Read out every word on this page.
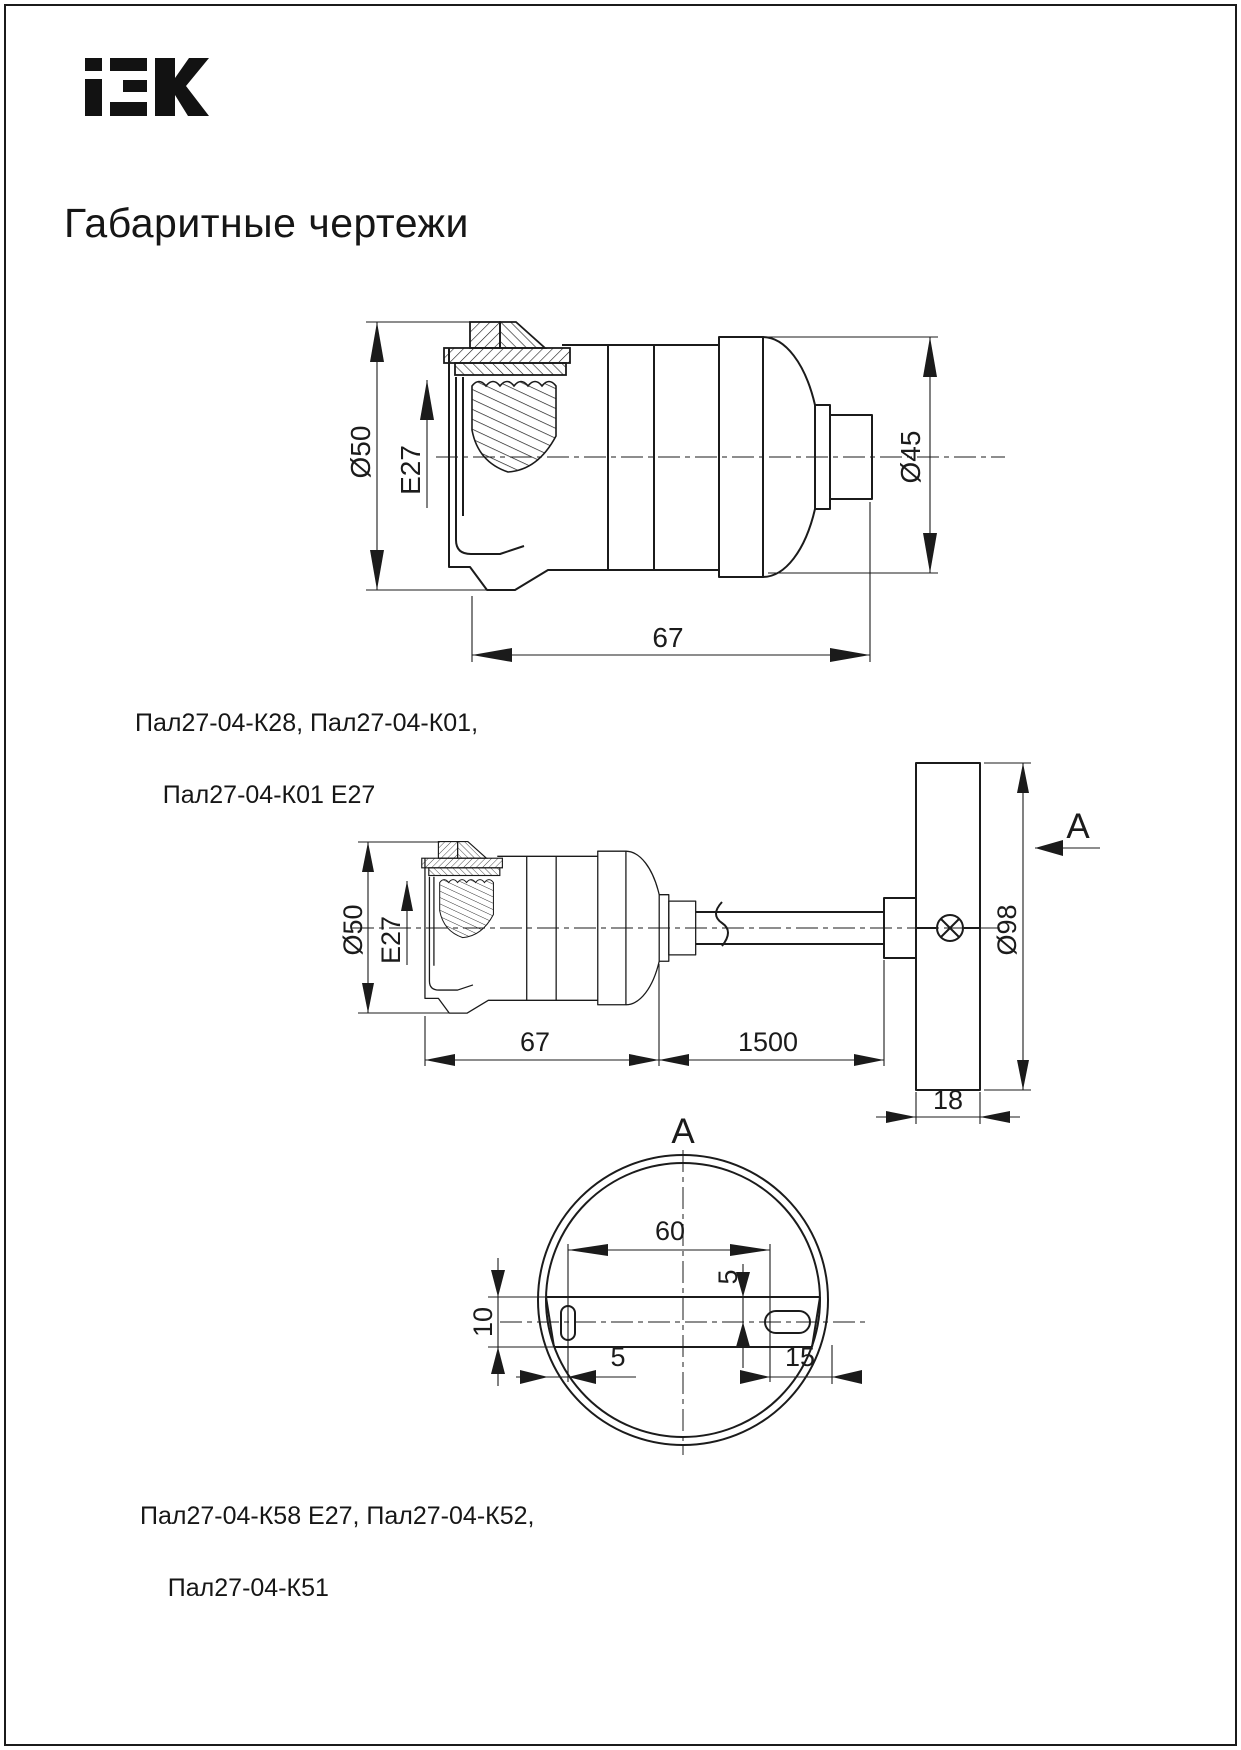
Габаритные чертежи
Ø50 E27	Ø45
67
Ø50 E27
67	1500
Ø98
18
A
A
60
5
10
5	15
Пал27-04-К28, Пал27-04-К01,

Пал27-04-К01 Е27
Пал27-04-К58 Е27, Пал27-04-К52,

Пал27-04-К51
